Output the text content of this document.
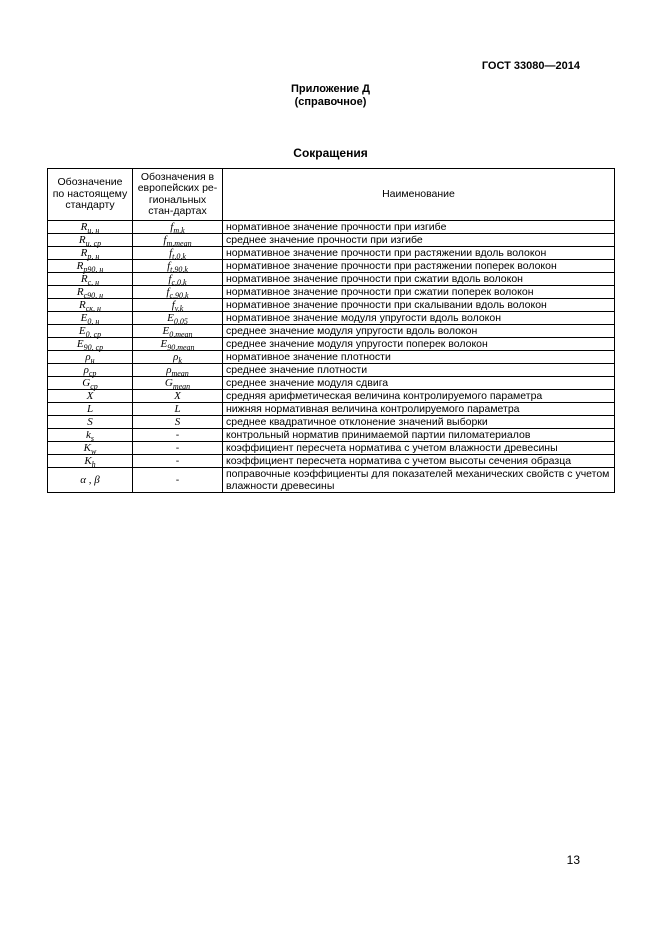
ГОСТ 33080—2014
Приложение Д
(справочное)
Сокращения
Обозначение по настоящему стандарту	Обозначения в европейских ре-гиональных стан-дартах	Наименование
$R_{и, н}$	$f_{m,k}$	нормативное значение прочности при изгибе
$R_{и, ср}$	$f_{m,mean}$	среднее значение прочности при изгибе
$R_{р, н}$	$f_{t,0,k}$	нормативное значение прочности при растяжении вдоль волокон
$R_{р90, н}$	$f_{t,90,k}$	нормативное значение прочности при растяжении поперек волокон
$R_{с, н}$	$f_{c,0,k}$	нормативное значение прочности при сжатии вдоль волокон
$R_{с90, н}$	$f_{c,90,k}$	нормативное значение прочности при сжатии поперек волокон
$R_{ск, н}$	$f_{v,k}$	нормативное значение прочности при скалывании вдоль волокон
$E_{0, н}$	$E_{0,05}$	нормативное значение модуля упругости вдоль волокон
$E_{0, ср}$	$E_{0,mean}$	среднее значение модуля упругости вдоль волокон
$E_{90, ср}$	$E_{90,mean}$	среднее значение модуля упругости поперек волокон
$\rho_н$	$\rho_k$	нормативное значение плотности
$\rho_{ср}$	$\rho_{mean}$	среднее значение плотности
$G_{ср}$	$G_{mean}$	среднее значение модуля сдвига
$\overline{X}$	$\overline{X}$	средняя арифметическая величина контролируемого параметра
L	L	нижняя нормативная величина контролируемого параметра
S	S	среднее квадратичное отклонение значений выборки
$k_s$	-	контрольный норматив принимаемой партии пиломатериалов
$K_w$	-	коэффициент пересчета норматива с учетом влажности древесины
$K_h$	-	коэффициент пересчета норматива с учетом высоты сечения образца
α , β	-	поправочные коэффициенты для показателей механических свойств с учетом влажности древесины
13
